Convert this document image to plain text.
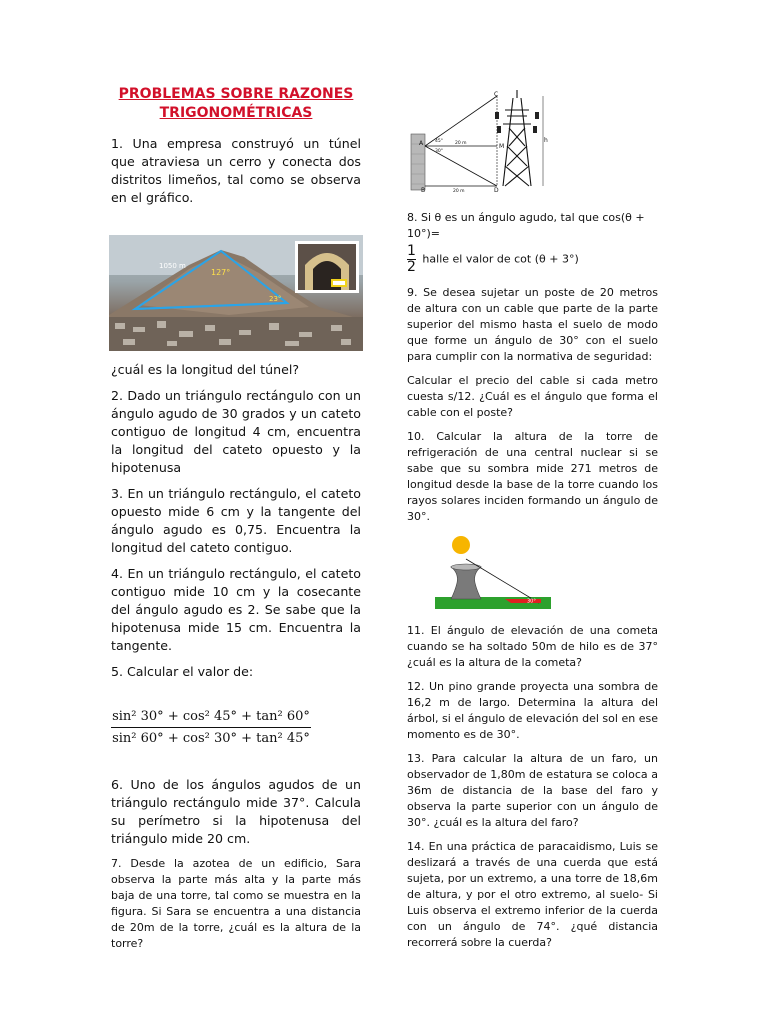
PROBLEMAS SOBRE RAZONES
TRIGONOMÉTRICAS
1. Una empresa construyó un túnel que atraviesa un cerro y conecta dos distritos limeños, tal como se observa en el gráfico.
1050 m
127°
23°
¿cuál es la longitud del túnel?
2. Dado un triángulo rectángulo con un ángulo agudo de 30 grados y un cateto contiguo de longitud 4 cm, encuentra la longitud del cateto opuesto y la hipotenusa
3. En un triángulo rectángulo, el cateto opuesto mide 6 cm y la tangente del ángulo agudo es 0,75. Encuentra la longitud del cateto contiguo.
4. En un triángulo rectángulo, el cateto contiguo mide 10 cm y la cosecante del ángulo agudo es 2. Se sabe que la hipotenusa mide 15 cm. Encuentra la tangente.
5. Calcular el valor de:
sin² 30° + cos² 45° + tan² 60°
sin² 60° + cos² 30° + tan² 45°
6. Uno de los ángulos agudos de un triángulo rectángulo mide 37°. Calcula su perímetro si la hipotenusa del triángulo mide 20 cm.
7. Desde la azotea de un edificio, Sara observa la parte más alta y la parte más baja de una torre, tal como se muestra en la figura. Si Sara se encuentra a una distancia de 20m de la torre, ¿cuál es la altura de la torre?
C
A	M
B	D
h
45°
30°
20 m
20 m
8. Si θ es un ángulo agudo, tal que cos(θ + 10°)=
$\frac{1}{2}$ halle el valor de cot (θ + 3°)
9. Se desea sujetar un poste de 20 metros de altura con un cable que parte de la parte superior del mismo hasta el suelo de modo que forme un ángulo de 30° con el suelo para cumplir con la normativa de seguridad:
Calcular el precio del cable si cada metro cuesta s/12. ¿Cuál es el ángulo que forma el cable con el poste?
10. Calcular la altura de la torre de refrigeración de una central nuclear si se sabe que su sombra mide 271 metros de longitud desde la base de la torre cuando los rayos solares inciden formando un ángulo de 30°.
30°
11. El ángulo de elevación de una cometa cuando se ha soltado 50m de hilo es de 37°¿cuál es la altura de la cometa?
12. Un pino grande proyecta una sombra de 16,2 m de largo. Determina la altura del árbol, si el ángulo de elevación del sol en ese momento es de 30°.
13. Para calcular la altura de un faro, un observador de 1,80m de estatura se coloca a 36m de distancia de la base del faro y observa la parte superior con un ángulo de 30°. ¿cuál es la altura del faro?
14. En una práctica de paracaidismo, Luis se deslizará a través de una cuerda que está sujeta, por un extremo, a una torre de 18,6m de altura, y por el otro extremo, al suelo- Si Luis observa el extremo inferior de la cuerda con un ángulo de 74°. ¿qué distancia recorrerá sobre la cuerda?
